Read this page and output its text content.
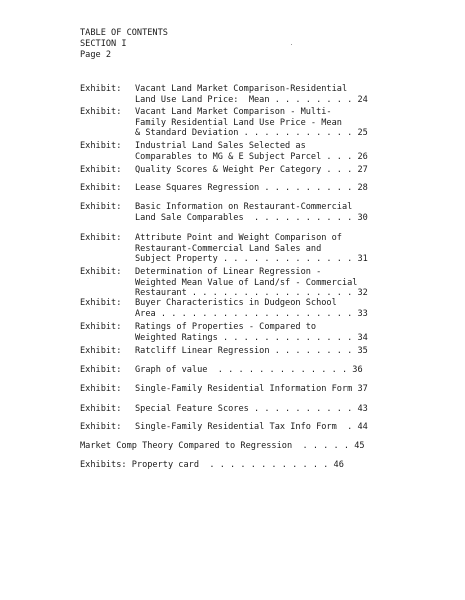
TABLE OF CONTENTS
SECTION I
Page 2
Exhibit: Vacant Land Market Comparison-Residential
Land Use Land Price:  Mean . . . . . . . . 24
Exhibit: Vacant Land Market Comparison - Multi-
Family Residential Land Use Price - Mean
& Standard Deviation . . . . . . . . . . . 25
Exhibit: Industrial Land Sales Selected as
Comparables to MG & E Subject Parcel . . . 26
Exhibit: Quality Scores & Weight Per Category . . . 27
Exhibit: Lease Squares Regression . . . . . . . . . 28
Exhibit: Basic Information on Restaurant-Commercial
Land Sale Comparables  . . . . . . . . . . 30
Exhibit: Attribute Point and Weight Comparison of
Restaurant-Commercial Land Sales and
Subject Property . . . . . . . . . . . . . 31
Exhibit: Determination of Linear Regression -
Weighted Mean Value of Land/sf - Commercial
Restaurant . . . . . . . . . . . . . . . . 32
Exhibit: Buyer Characteristics in Dudgeon School
Area . . . . . . . . . . . . . . . . . . . 33
Exhibit: Ratings of Properties - Compared to
Weighted Ratings . . . . . . . . . . . . . 34
Exhibit: Ratcliff Linear Regression . . . . . . . . 35
Exhibit: Graph of value  . . . . . . . . . . . . . 36
Exhibit: Single-Family Residential Information Form 37
Exhibit: Special Feature Scores . . . . . . . . . . 43
Exhibit: Single-Family Residential Tax Info Form  . 44
Market Comp Theory Compared to Regression  . . . . . 45
Exhibits: Property card  . . . . . . . . . . . . 46
